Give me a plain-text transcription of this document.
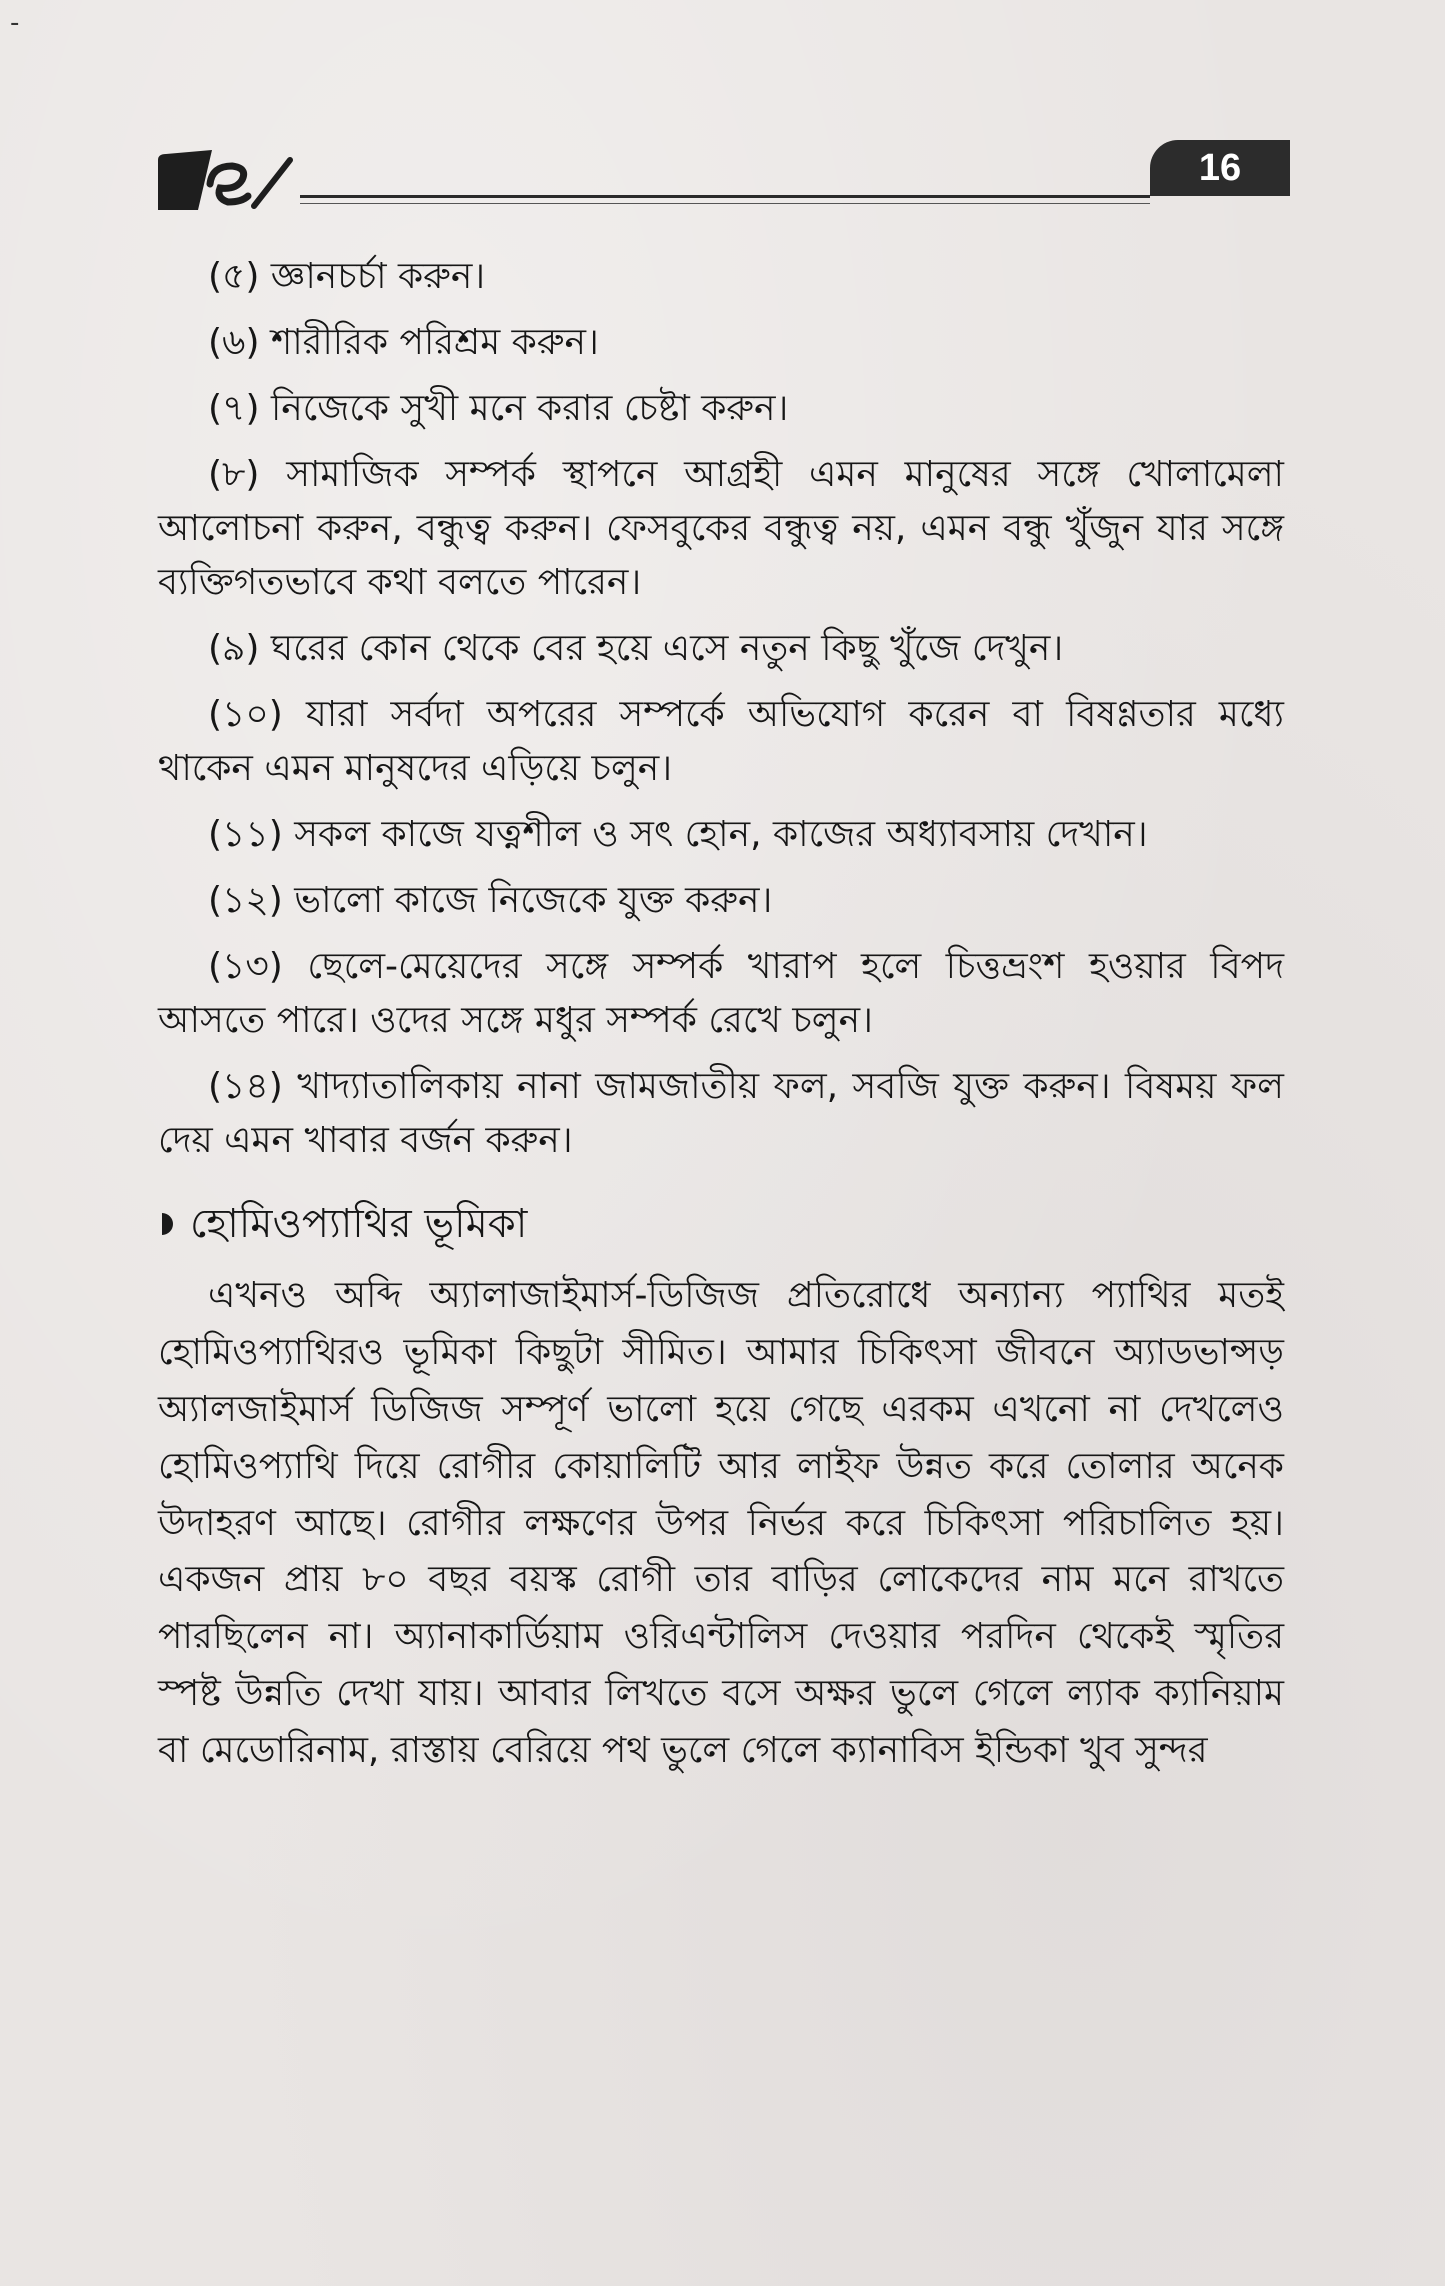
-
16

(৫) জ্ঞানচর্চা করুন।

(৬) শারীরিক পরিশ্রম করুন।

(৭) নিজেকে সুখী মনে করার চেষ্টা করুন।

(৮) সামাজিক সম্পর্ক স্থাপনে আগ্রহী এমন মানুষের সঙ্গে খোলামেলা আলোচনা করুন, বন্ধুত্ব করুন। ফেসবুকের বন্ধুত্ব নয়, এমন বন্ধু খুঁজুন যার সঙ্গে ব্যক্তিগতভাবে কথা বলতে পারেন।

(৯) ঘরের কোন থেকে বের হয়ে এসে নতুন কিছু খুঁজে দেখুন।

(১০) যারা সর্বদা অপরের সম্পর্কে অভিযোগ করেন বা বিষণ্ণতার মধ্যে থাকেন এমন মানুষদের এড়িয়ে চলুন।

(১১) সকল কাজে যত্নশীল ও সৎ হোন, কাজের অধ্যাবসায় দেখান।

(১২) ভালো কাজে নিজেকে যুক্ত করুন।

(১৩) ছেলে-মেয়েদের সঙ্গে সম্পর্ক খারাপ হলে চিত্তভ্রংশ হওয়ার বিপদ আসতে পারে। ওদের সঙ্গে মধুর সম্পর্ক রেখে চলুন।

(১৪) খাদ্যাতালিকায় নানা জামজাতীয় ফল, সবজি যুক্ত করুন। বিষময় ফল দেয় এমন খাবার বর্জন করুন।

হোমিওপ্যাথির ভূমিকা

এখনও অব্দি অ্যালাজাইমার্স-ডিজিজ প্রতিরোধে অন্যান্য প্যাথির মতই হোমিওপ্যাথিরও ভূমিকা কিছুটা সীমিত। আমার চিকিৎসা জীবনে অ্যাডভান্সড় অ্যালজাইমার্স ডিজিজ সম্পূর্ণ ভালো হয়ে গেছে এরকম এখনো না দেখলেও হোমিওপ্যাথি দিয়ে রোগীর কোয়ালিটি আর লাইফ উন্নত করে তোলার অনেক উদাহরণ আছে। রোগীর লক্ষণের উপর নির্ভর করে চিকিৎসা পরিচালিত হয়। একজন প্রায় ৮০ বছর বয়স্ক রোগী তার বাড়ির লোকেদের নাম মনে রাখতে পারছিলেন না। অ্যানাকার্ডিয়াম ওরিএন্টালিস দেওয়ার পরদিন থেকেই স্মৃতির স্পষ্ট উন্নতি দেখা যায়। আবার লিখতে বসে অক্ষর ভুলে গেলে ল্যাক ক্যানিয়াম বা মেডোরিনাম, রাস্তায় বেরিয়ে পথ ভুলে গেলে ক্যানাবিস ইন্ডিকা খুব সুন্দর
